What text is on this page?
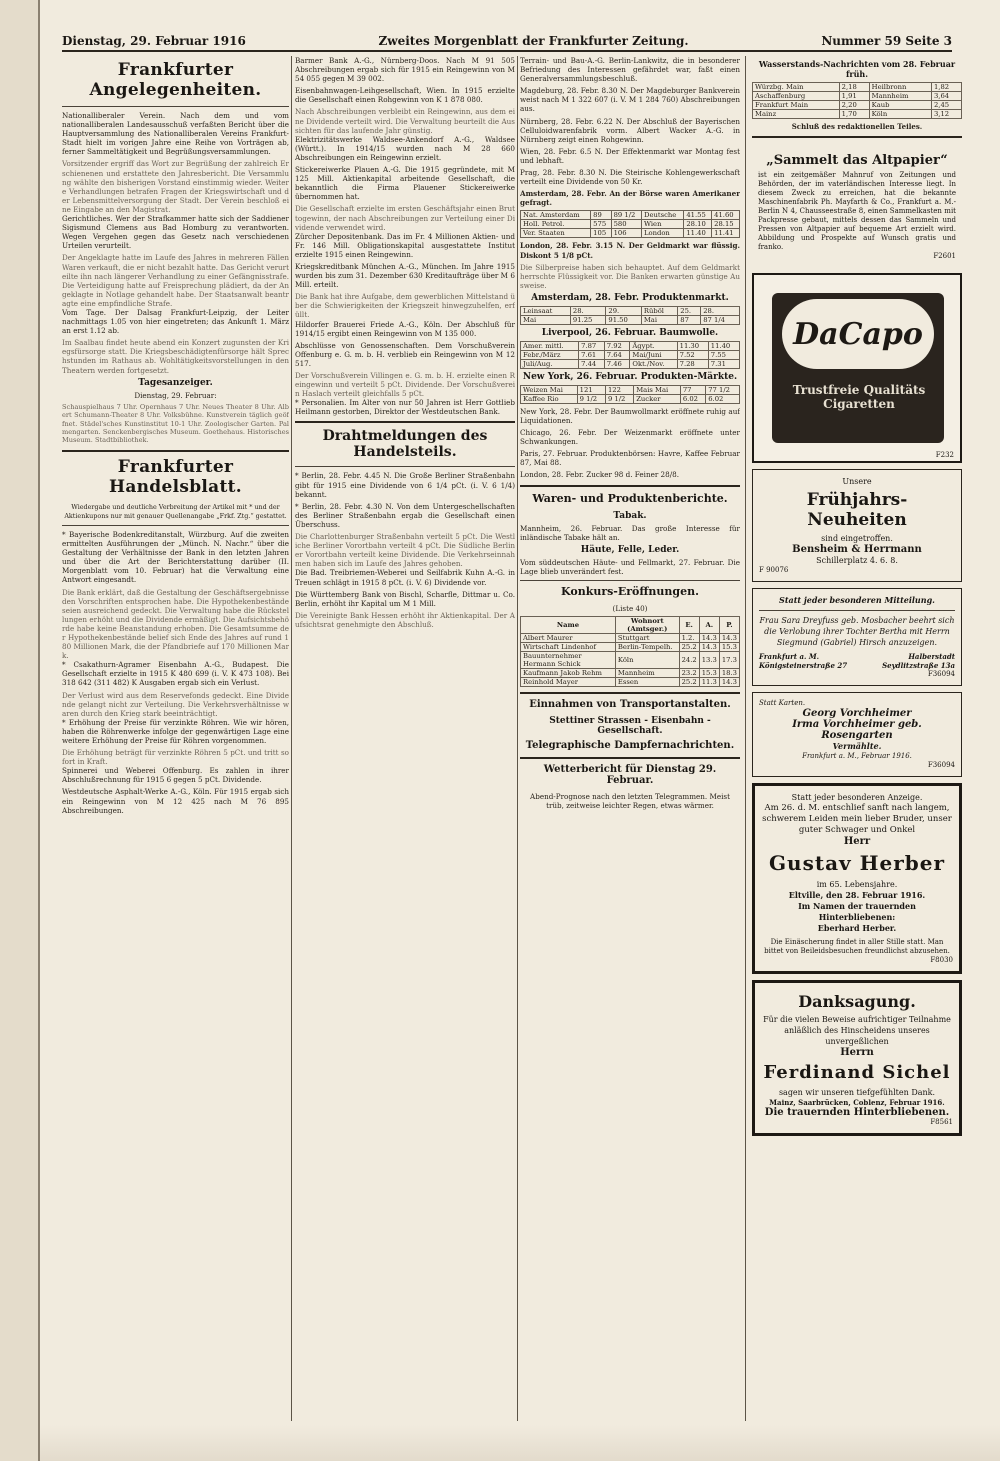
Dienstag, 29. Februar 1916	Zweites Morgenblatt der Frankfurter Zeitung.	Nummer 59 Seite 3
Frankfurter Angelegenheiten.

Nationalliberaler Verein. Nach dem und vom nationalliberalen Landesausschuß verfaßten Bericht über die Hauptversammlung des Nationalliberalen Vereins Frankfurt-Stadt hielt im vorigen Jahre eine Reihe von Vorträgen ab, ferner Sammeltätigkeit und Begrüßungsversammlungen.

Vorsitzender ergriff das Wort zur Begrüßung der zahlreich Erschienenen und erstattete den Jahresbericht. Die Versammlung wählte den bisherigen Vorstand einstimmig wieder. Weitere Verhandlungen betrafen Fragen der Kriegswirtschaft und der Lebensmittelversorgung der Stadt. Der Verein beschloß eine Eingabe an den Magistrat.

Gerichtliches. Wer der Strafkammer hatte sich der Saddiener Sigismund Clemens aus Bad Homburg zu verantworten. Wegen Vergehen gegen das Gesetz nach verschiedenen Urteilen verurteilt.

Der Angeklagte hatte im Laufe des Jahres in mehreren Fällen Waren verkauft, die er nicht bezahlt hatte. Das Gericht verurteilte ihn nach längerer Verhandlung zu einer Gefängnisstrafe. Die Verteidigung hatte auf Freisprechung plädiert, da der Angeklagte in Notlage gehandelt habe. Der Staatsanwalt beantragte eine empfindliche Strafe.

Vom Tage. Der Dalsag Frankfurt-Leipzig, der Leiter nachmittags 1.05 von hier eingetreten; das Ankunft 1. März an erst 1.12 ab.

Im Saalbau findet heute abend ein Konzert zugunsten der Kriegsfürsorge statt. Die Kriegsbeschädigtenfürsorge hält Sprechstunden im Rathaus ab. Wohltätigkeitsvorstellungen in den Theatern werden fortgesetzt.

Tagesanzeiger.
Dienstag, 29. Februar:

Schauspielhaus 7 Uhr. Opernhaus 7 Uhr. Neues Theater 8 Uhr. Albert Schumann-Theater 8 Uhr. Volksbühne. Kunstverein täglich geöffnet. Städel'sches Kunstinstitut 10-1 Uhr. Zoologischer Garten. Palmengarten. Senckenbergisches Museum. Goethehaus. Historisches Museum. Stadtbibliothek.

Frankfurter Handelsblatt.
Wiedergabe und deutliche Verbreitung der Artikel mit * und der Aktienkupons nur mit genauer Quellenangabe „Frkf. Ztg.“ gestattet.

* Bayerische Bodenkreditanstalt, Würzburg. Auf die zweiten ermittelten Ausführungen der „Münch. N. Nachr.“ über die Gestaltung der Verhältnisse der Bank in den letzten Jahren und über die Art der Berichterstattung darüber (II. Morgenblatt vom 10. Februar) hat die Verwaltung eine Antwort eingesandt.

Die Bank erklärt, daß die Gestaltung der Geschäftsergebnisse den Vorschriften entsprochen habe. Die Hypothekenbestände seien ausreichend gedeckt. Die Verwaltung habe die Rückstellungen erhöht und die Dividende ermäßigt. Die Aufsichtsbehörde habe keine Beanstandung erhoben. Die Gesamtsumme der Hypothekenbestände belief sich Ende des Jahres auf rund 180 Millionen Mark, die der Pfandbriefe auf 170 Millionen Mark.

* Csakathurn-Agramer Eisenbahn A.-G., Budapest. Die Gesellschaft erzielte in 1915 K 480 699 (i. V. K 473 108). Bei 318 642 (311 482) K Ausgaben ergab sich ein Verlust.

Der Verlust wird aus dem Reservefonds gedeckt. Eine Dividende gelangt nicht zur Verteilung. Die Verkehrsverhältnisse waren durch den Krieg stark beeinträchtigt.

* Erhöhung der Preise für verzinkte Röhren. Wie wir hören, haben die Röhrenwerke infolge der gegenwärtigen Lage eine weitere Erhöhung der Preise für Röhren vorgenommen.

Die Erhöhung beträgt für verzinkte Röhren 5 pCt. und tritt sofort in Kraft.

Spinnerei und Weberei Offenburg. Es zahlen in ihrer Abschlußrechnung für 1915 6 gegen 5 pCt. Dividende.

Westdeutsche Asphalt-Werke A.-G., Köln. Für 1915 ergab sich ein Reingewinn von M 12 425 nach M 76 895 Abschreibungen.

Barmer Bank A.-G., Nürnberg-Doos. Nach M 91 505 Abschreibungen ergab sich für 1915 ein Reingewinn von M 54 055 gegen M 39 002.

Eisenbahnwagen-Leihgesellschaft, Wien. In 1915 erzielte die Gesellschaft einen Rohgewinn von K 1 878 080.

Nach Abschreibungen verbleibt ein Reingewinn, aus dem eine Dividende verteilt wird. Die Verwaltung beurteilt die Aussichten für das laufende Jahr günstig.

Elektrizitätswerke Waldsee-Ankendorf A.-G., Waldsee (Württ.). In 1914/15 wurden nach M 28 660 Abschreibungen ein Reingewinn erzielt.

Stickereiwerke Plauen A.-G. Die 1915 gegründete, mit M 125 Mill. Aktienkapital arbeitende Gesellschaft, die bekanntlich die Firma Plauener Stickereiwerke übernommen hat.

Die Gesellschaft erzielte im ersten Geschäftsjahr einen Bruttogewinn, der nach Abschreibungen zur Verteilung einer Dividende verwendet wird.

Zürcher Depositenbank. Das im Fr. 4 Millionen Aktien- und Fr. 146 Mill. Obligationskapital ausgestattete Institut erzielte 1915 einen Reingewinn.

Kriegskreditbank München A.-G., München. Im Jahre 1915 wurden bis zum 31. Dezember 630 Kreditaufträge über M 6 Mill. erteilt.

Die Bank hat ihre Aufgabe, dem gewerblichen Mittelstand über die Schwierigkeiten der Kriegszeit hinwegzuhelfen, erfüllt.

Hildorfer Brauerei Friede A.-G., Köln. Der Abschluß für 1914/15 ergibt einen Reingewinn von M 135 000.

Abschlüsse von Genossenschaften. Dem Vorschußverein Offenburg e. G. m. b. H. verblieb ein Reingewinn von M 12 517.

Der Vorschußverein Villingen e. G. m. b. H. erzielte einen Reingewinn und verteilt 5 pCt. Dividende. Der Vorschußverein Haslach verteilt gleichfalls 5 pCt.

* Personalien. Im Alter von nur 50 Jahren ist Herr Gottlieb Heilmann gestorben, Direktor der Westdeutschen Bank.

Drahtmeldungen des Handelsteils.

* Berlin, 28. Febr. 4.45 N. Die Große Berliner Straßenbahn gibt für 1915 eine Dividende von 6 1/4 pCt. (i. V. 6 1/4) bekannt.

* Berlin, 28. Febr. 4.30 N. Von dem Untergeschellschaften des Berliner Straßenbahn ergab die Gesellschaft einen Überschuss.

Die Charlottenburger Straßenbahn verteilt 5 pCt. Die Westliche Berliner Vorortbahn verteilt 4 pCt. Die Südliche Berliner Vorortbahn verteilt keine Dividende. Die Verkehrseinnahmen haben sich im Laufe des Jahres gehoben.

Die Bad. Treibriemen-Weberei und Seilfabrik Kuhn A.-G. in Treuen schlägt in 1915 8 pCt. (i. V. 6) Dividende vor.

Die Württemberg Bank von Bischl, Scharfle, Dittmar u. Co. Berlin, erhöht ihr Kapital um M 1 Mill.

Die Vereinigte Bank Hessen erhöht ihr Aktienkapital. Der Aufsichtsrat genehmigte den Abschluß.

Terrain- und Bau-A.-G. Berlin-Lankwitz, die in besonderer Befriedung des Interessen gefährdet war, faßt einen Generalversammlungsbeschluß.

Magdeburg, 28. Febr. 8.30 N. Der Magdeburger Bankverein weist nach M 1 322 607 (i. V. M 1 284 760) Abschreibungen aus.

Nürnberg, 28. Febr. 6.22 N. Der Abschluß der Bayerischen Celluloidwarenfabrik vorm. Albert Wacker A.-G. in Nürnberg zeigt einen Rohgewinn.

Wien, 28. Febr. 6.5 N. Der Effektenmarkt war Montag fest und lebhaft.

Prag, 28. Febr. 8.30 N. Die Steirische Kohlengewerkschaft verteilt eine Dividende von 50 Kr.

Amsterdam, 28. Febr. An der Börse waren Amerikaner gefragt.

Nat. Amsterdam	89	89 1/2	Deutsche	41.55	41.60
Holl. Petrol.	575	580	Wien	28.10	28.15
Ver. Staaten	105	106	London	11.40	11.41

London, 28. Febr. 3.15 N. Der Geldmarkt war flüssig. Diskont 5 1/8 pCt.

Die Silberpreise haben sich behauptet. Auf dem Geldmarkt herrschte Flüssigkeit vor. Die Banken erwarten günstige Ausweise.

Amsterdam, 28. Febr. Produktenmarkt.
Leinsaat	28.	29.	Rüböl	25.	28.
Mai	91.25	91.50	Mai	87	87 1/4
Liverpool, 26. Februar. Baumwolle.
Amer. mittl.	7.87	7.92	Ägypt.	11.30	11.40
Febr./März	7.61	7.64	Mai/Juni	7.52	7.55
Juli/Aug.	7.44	7.46	Okt./Nov.	7.28	7.31
New York, 26. Februar. Produkten-Märkte.
Weizen Mai	121	122	Mais Mai	77	77 1/2
Kaffee Rio	9 1/2	9 1/2	Zucker	6.02	6.02

New York, 28. Febr. Der Baumwollmarkt eröffnete ruhig auf Liquidationen.

Chicago, 26. Febr. Der Weizenmarkt eröffnete unter Schwankungen.

Paris, 27. Februar. Produktenbörsen: Havre, Kaffee Februar 87, Mai 88.

London, 28. Febr. Zucker 98 d. Feiner 28/8.

Waren- und Produktenberichte.
Tabak.

Mannheim, 26. Februar. Das große Interesse für inländische Tabake hält an.

Häute, Felle, Leder.

Vom süddeutschen Häute- und Fellmarkt, 27. Februar. Die Lage blieb unverändert fest.

Konkurs-Eröffnungen.
(Liste 40)
Name	Wohnort (Amtsger.)	E.	A.	P.
Albert Maurer	Stuttgart	1.2.	14.3	14.3
Wirtschaft Lindenhof	Berlin-Tempelh.	25.2	14.3	15.3
Bauunternehmer Hermann Schick	Köln	24.2	13.3	17.3
Kaufmann Jakob Rehm	Mannheim	23.2	15.3	18.3
Reinhold Mayer	Essen	25.2	11.3	14.3
Einnahmen von Transportanstalten.
Stettiner Strassen - Eisenbahn - Gesellschaft.
Telegraphische Dampfernachrichten.
Wetterbericht für Dienstag 29. Februar.

Abend-Prognose nach den letzten Telegrammen. Meist trüb, zeitweise leichter Regen, etwas wärmer.

Wasserstands-Nachrichten vom 28. Februar früh.
Würzbg. Main	2,18	Heilbronn	1,82
Aschaffenburg	1,91	Mannheim	3,64
Frankfurt Main	2,20	Kaub	2,45
Mainz	1,70	Köln	3,12
Schluß des redaktionellen Teiles.
„Sammelt das Altpapier“
ist ein zeitgemäßer Mahnruf von Zeitungen und Behörden, der im vaterländischen Interesse liegt. In diesem Zweck zu erreichen, hat die bekannte Maschinenfabrik Ph. Mayfarth & Co., Frankfurt a. M.-Berlin N 4, Chausseestraße 8, einen Sammelkasten mit Packpresse gebaut, mittels dessen das Sammeln und Pressen von Altpapier auf bequeme Art erzielt wird. Abbildung und Prospekte auf Wunsch gratis und franko.
F2601
DaCapo
Trustfreie Qualitäts Cigaretten
F232
Unsere
Frühjahrs-Neuheiten
sind eingetroffen.
Bensheim & Herrmann
Schillerplatz 4. 6. 8.
F 90076
Statt jeder besonderen Mitteilung.
Frau Sara Dreyfuss geb. Mosbacher beehrt sich die Verlobung ihrer Tochter Bertha mit Herrn Siegmund (Gabriel) Hirsch anzuzeigen.
Frankfurt a. M. Königsteinerstraße 27
Halberstadt Seydlitzstraße 13a
F36094
Statt Karten.
Georg Vorchheimer
Irma Vorchheimer geb. Rosengarten
Vermählte.
Frankfurt a. M., Februar 1916.
F36094
Statt jeder besonderen Anzeige.
Am 26. d. M. entschlief sanft nach langem, schwerem Leiden mein lieber Bruder, unser guter Schwager und Onkel
Herr
Gustav Herber
im 65. Lebensjahre.
Eltville, den 28. Februar 1916.
Im Namen der trauernden Hinterbliebenen:
Eberhard Herber.
Die Einäscherung findet in aller Stille statt. Man bittet von Beileidsbesuchen freundlichst abzusehen.
F8030
Danksagung.
Für die vielen Beweise aufrichtiger Teilnahme anläßlich des Hinscheidens unseres unvergeßlichen
Herrn
Ferdinand Sichel
sagen wir unseren tiefgefühlten Dank.
Mainz, Saarbrücken, Coblenz, Februar 1916.
Die trauernden Hinterbliebenen.
F8561
